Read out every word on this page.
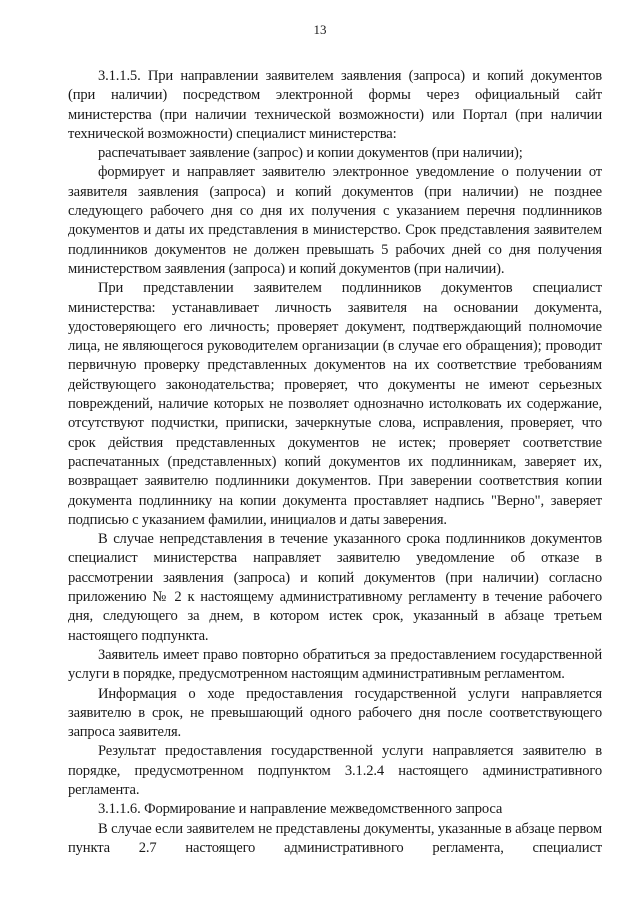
13

3.1.1.5. При направлении заявителем заявления (запроса) и копий документов (при наличии) посредством электронной формы через официальный сайт министерства (при наличии технической возможности) или Портал (при наличии технической возможности) специалист министерства:

распечатывает заявление (запрос) и копии документов (при наличии);

формирует и направляет заявителю электронное уведомление о получении от заявителя заявления (запроса) и копий документов (при наличии) не позднее следующего рабочего дня со дня их получения с указанием перечня подлинников документов и даты их представления в министерство. Срок представления заявителем подлинников документов не должен превышать 5 рабочих дней со дня получения министерством заявления (запроса) и копий документов (при наличии).

При представлении заявителем подлинников документов специалист министерства: устанавливает личность заявителя на основании документа, удостоверяющего его личность; проверяет документ, подтверждающий полномочие лица, не являющегося руководителем организации (в случае его обращения); проводит первичную проверку представленных документов на их соответствие требованиям действующего законодательства; проверяет, что документы не имеют серьезных повреждений, наличие которых не позволяет однозначно истолковать их содержание, отсутствуют подчистки, приписки, зачеркнутые слова, исправления, проверяет, что срок действия представленных документов не истек; проверяет соответствие распечатанных (представленных) копий документов их подлинникам, заверяет их, возвращает заявителю подлинники документов. При заверении соответствия копии документа подлиннику на копии документа проставляет надпись "Верно", заверяет подписью с указанием фамилии, инициалов и даты заверения.

В случае непредставления в течение указанного срока подлинников документов специалист министерства направляет заявителю уведомление об отказе в рассмотрении заявления (запроса) и копий документов (при наличии) согласно приложению № 2 к настоящему административному регламенту в течение рабочего дня, следующего за днем, в котором истек срок, указанный в абзаце третьем настоящего подпункта.

Заявитель имеет право повторно обратиться за предоставлением государственной услуги в порядке, предусмотренном настоящим административным регламентом.

Информация о ходе предоставления государственной услуги направляется заявителю в срок, не превышающий одного рабочего дня после соответствующего запроса заявителя.

Результат предоставления государственной услуги направляется заявителю в порядке, предусмотренном подпунктом 3.1.2.4 настоящего административного регламента.

3.1.1.6. Формирование и направление межведомственного запроса

В случае если заявителем не представлены документы, указанные в абзаце первом пункта 2.7 настоящего административного регламента, специалист
